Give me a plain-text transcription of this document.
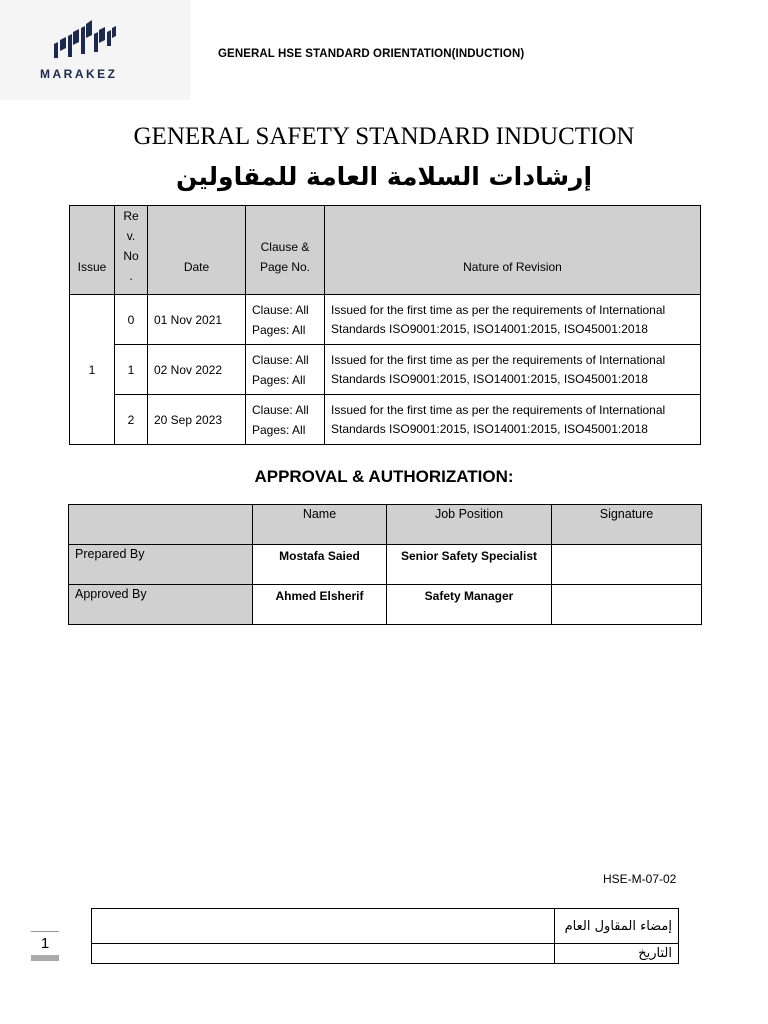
MARAKEZ
GENERAL HSE STANDARD ORIENTATION(INDUCTION)
GENERAL SAFETY STANDARD INDUCTION
إرشادات السلامة العامة للمقاولين
Issue	Re
v.
No
.	Date	Clause &
Page No.	Nature of Revision
1	0	01 Nov 2021	Clause: All
Pages: All	Issued for the first time as per the requirements of International Standards ISO9001:2015, ISO14001:2015, ISO45001:2018
	1	02 Nov 2022	Clause: All
Pages: All	Issued for the first time as per the requirements of International Standards ISO9001:2015, ISO14001:2015, ISO45001:2018
	2	20 Sep 2023	Clause: All
Pages: All	Issued for the first time as per the requirements of International Standards ISO9001:2015, ISO14001:2015, ISO45001:2018
APPROVAL & AUTHORIZATION:
	Name	Job Position	Signature
Prepared By	Mostafa Saied	Senior Safety Specialist	
Approved By	Ahmed Elsherif	Safety Manager	
HSE-M-07-02
	إمضاء المقاول العام
	التاريخ
1
